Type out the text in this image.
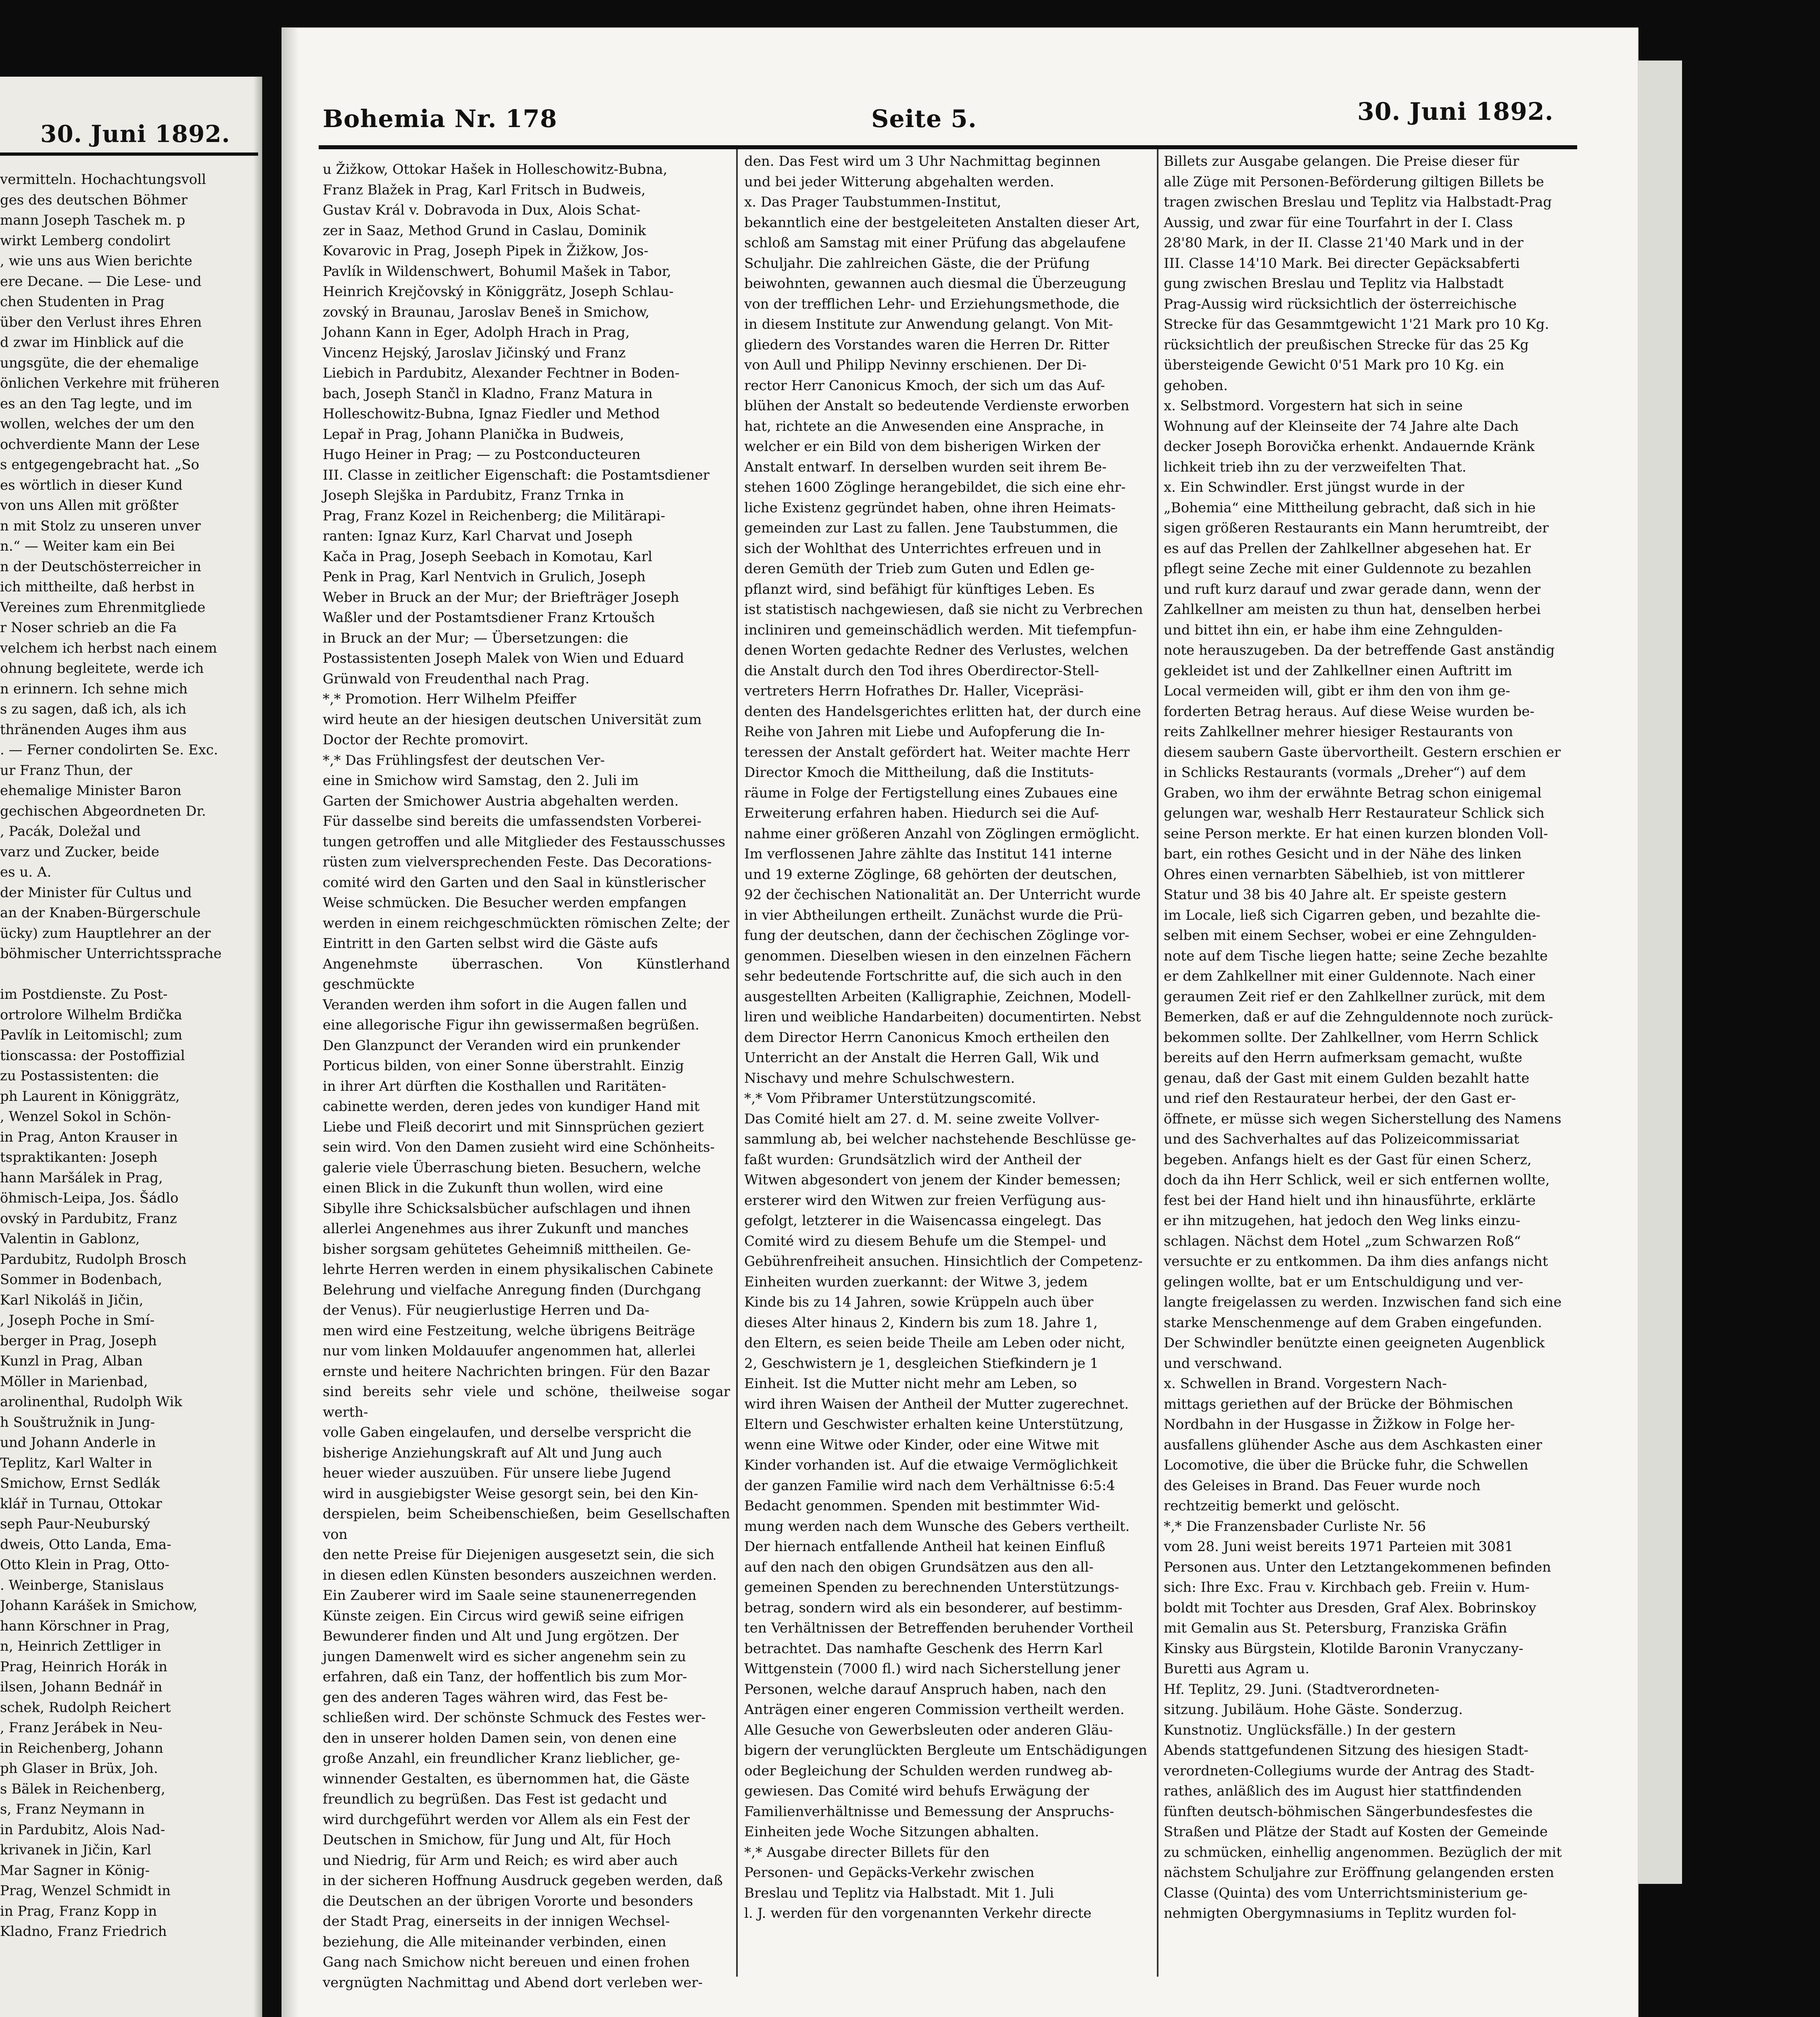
30. Juni 1892.

vermitteln. Hochachtungsvoll

ges des deutschen Böhmer

mann Joseph Taschek m. p

wirkt Lemberg condolirt

, wie uns aus Wien berichte

ere Decane. — Die Lese- und

chen Studenten in Prag

über den Verlust ihres Ehren

d zwar im Hinblick auf die

ungsgüte, die der ehemalige

önlichen Verkehre mit früheren

es an den Tag legte, und im

wollen, welches der um den

ochverdiente Mann der Lese

s entgegengebracht hat. „So

es wörtlich in dieser Kund

von uns Allen mit größter

n mit Stolz zu unseren unver

n.“ — Weiter kam ein Bei

n der Deutschösterreicher in

ich mittheilte, daß herbst in

Vereines zum Ehrenmitgliede

r Noser schrieb an die Fa

velchem ich herbst nach einem

ohnung begleitete, werde ich

n erinnern. Ich sehne mich

s zu sagen, daß ich, als ich

thränenden Auges ihm aus

. — Ferner condolirten Se. Exc.

ur Franz Thun, der

ehemalige Minister Baron

gechischen Abgeordneten Dr.

, Pacák, Doležal und

varz und Zucker, beide

es u. A.

der Minister für Cultus und

an der Knaben-Bürgerschule

ücky) zum Hauptlehrer an der

böhmischer Unterrichtssprache

im Postdienste. Zu Post-

ortrolore Wilhelm Brdička

Pavlík in Leitomischl; zum

tionscassa: der Postoffizial

zu Postassistenten: die

ph Laurent in Königgrätz,

, Wenzel Sokol in Schön-

in Prag, Anton Krauser in

tspraktikanten: Joseph

hann Maršálek in Prag,

öhmisch-Leipa, Jos. Šádlo

ovský in Pardubitz, Franz

Valentin in Gablonz,

Pardubitz, Rudolph Brosch

Sommer in Bodenbach,

Karl Nikoláš in Jičin,

, Joseph Poche in Smí-

berger in Prag, Joseph

Kunzl in Prag, Alban

Möller in Marienbad,

arolinenthal, Rudolph Wik

h Souštružnik in Jung-

und Johann Anderle in

Teplitz, Karl Walter in

Smichow, Ernst Sedlák

klář in Turnau, Ottokar

seph Paur-Neuburský

dweis, Otto Landa, Ema-

Otto Klein in Prag, Otto-

. Weinberge, Stanislaus

Johann Karášek in Smichow,

hann Körschner in Prag,

n, Heinrich Zettliger in

Prag, Heinrich Horák in

ilsen, Johann Bednář in

schek, Rudolph Reichert

, Franz Jerábek in Neu-

in Reichenberg, Johann

ph Glaser in Brüx, Joh.

s Bälek in Reichenberg,

s, Franz Neymann in

in Pardubitz, Alois Nad-

krivanek in Jičin, Karl

Mar Sagner in König-

Prag, Wenzel Schmidt in

in Prag, Franz Kopp in

Kladno, Franz Friedrich

Bohemia Nr. 178	Seite 5.	30. Juni 1892.

u Žižkow, Ottokar Hašek in Holleschowitz-Bubna,

Franz Blažek in Prag, Karl Fritsch in Budweis,

Gustav Král v. Dobravoda in Dux, Alois Schat-

zer in Saaz, Method Grund in Caslau, Dominik

Kovarovic in Prag, Joseph Pipek in Žižkow, Jos-

Pavlík in Wildenschwert, Bohumil Mašek in Tabor,

Heinrich Krejčovský in Königgrätz, Joseph Schlau-

zovský in Braunau, Jaroslav Beneš in Smichow,

Johann Kann in Eger, Adolph Hrach in Prag,

Vincenz Hejský, Jaroslav Jičinský und Franz

Liebich in Pardubitz, Alexander Fechtner in Boden-

bach, Joseph Stančl in Kladno, Franz Matura in

Holleschowitz-Bubna, Ignaz Fiedler und Method

Lepař in Prag, Johann Planička in Budweis,

Hugo Heiner in Prag; — zu Postconducteuren

III. Classe in zeitlicher Eigenschaft: die Postamtsdiener

Joseph Slejška in Pardubitz, Franz Trnka in

Prag, Franz Kozel in Reichenberg; die Militärapi-

ranten: Ignaz Kurz, Karl Charvat und Joseph

Kača in Prag, Joseph Seebach in Komotau, Karl

Penk in Prag, Karl Nentvich in Grulich, Joseph

Weber in Bruck an der Mur; der Briefträger Joseph

Waßler und der Postamtsdiener Franz Krtoušch

in Bruck an der Mur; — Übersetzungen: die

Postassistenten Joseph Malek von Wien und Eduard

Grünwald von Freudenthal nach Prag.

*‚* Promotion. Herr Wilhelm Pfeiffer

wird heute an der hiesigen deutschen Universität zum

Doctor der Rechte promovirt.

*‚* Das Frühlingsfest der deutschen Ver-

eine in Smichow wird Samstag, den 2. Juli im

Garten der Smichower Austria abgehalten werden.

Für dasselbe sind bereits die umfassendsten Vorberei-

tungen getroffen und alle Mitglieder des Festausschusses

rüsten zum vielversprechenden Feste. Das Decorations-

comité wird den Garten und den Saal in künstlerischer

Weise schmücken. Die Besucher werden empfangen

werden in einem reichgeschmückten römischen Zelte; der

Eintritt in den Garten selbst wird die Gäste aufs

Angenehmste überraschen. Von Künstlerhand geschmückte

Veranden werden ihm sofort in die Augen fallen und

eine allegorische Figur ihn gewissermaßen begrüßen.

Den Glanzpunct der Veranden wird ein prunkender

Porticus bilden, von einer Sonne überstrahlt. Einzig

in ihrer Art dürften die Kosthallen und Raritäten-

cabinette werden, deren jedes von kundiger Hand mit

Liebe und Fleiß decorirt und mit Sinnsprüchen geziert

sein wird. Von den Damen zusieht wird eine Schönheits-

galerie viele Überraschung bieten. Besuchern, welche

einen Blick in die Zukunft thun wollen, wird eine

Sibylle ihre Schicksalsbücher aufschlagen und ihnen

allerlei Angenehmes aus ihrer Zukunft und manches

bisher sorgsam gehütetes Geheimniß mittheilen. Ge-

lehrte Herren werden in einem physikalischen Cabinete

Belehrung und vielfache Anregung finden (Durchgang

der Venus). Für neugierlustige Herren und Da-

men wird eine Festzeitung, welche übrigens Beiträge

nur vom linken Moldauufer angenommen hat, allerlei

ernste und heitere Nachrichten bringen. Für den Bazar

sind bereits sehr viele und schöne, theilweise sogar werth-

volle Gaben eingelaufen, und derselbe verspricht die

bisherige Anziehungskraft auf Alt und Jung auch

heuer wieder auszuüben. Für unsere liebe Jugend

wird in ausgiebigster Weise gesorgt sein, bei den Kin-

derspielen, beim Scheibenschießen, beim Gesellschaften von

den nette Preise für Diejenigen ausgesetzt sein, die sich

in diesen edlen Künsten besonders auszeichnen werden.

Ein Zauberer wird im Saale seine staunenerregenden

Künste zeigen. Ein Circus wird gewiß seine eifrigen

Bewunderer finden und Alt und Jung ergötzen. Der

jungen Damenwelt wird es sicher angenehm sein zu

erfahren, daß ein Tanz, der hoffentlich bis zum Mor-

gen des anderen Tages währen wird, das Fest be-

schließen wird. Der schönste Schmuck des Festes wer-

den in unserer holden Damen sein, von denen eine

große Anzahl, ein freundlicher Kranz lieblicher, ge-

winnender Gestalten, es übernommen hat, die Gäste

freundlich zu begrüßen. Das Fest ist gedacht und

wird durchgeführt werden vor Allem als ein Fest der

Deutschen in Smichow, für Jung und Alt, für Hoch

und Niedrig, für Arm und Reich; es wird aber auch

in der sicheren Hoffnung Ausdruck gegeben werden, daß

die Deutschen an der übrigen Vororte und besonders

der Stadt Prag, einerseits in der innigen Wechsel-

beziehung, die Alle miteinander verbinden, einen

Gang nach Smichow nicht bereuen und einen frohen

vergnügten Nachmittag und Abend dort verleben wer-

den. Das Fest wird um 3 Uhr Nachmittag beginnen

und bei jeder Witterung abgehalten werden.

x. Das Prager Taubstummen-Institut,

bekanntlich eine der bestgeleiteten Anstalten dieser Art,

schloß am Samstag mit einer Prüfung das abgelaufene

Schuljahr. Die zahlreichen Gäste, die der Prüfung

beiwohnten, gewannen auch diesmal die Überzeugung

von der trefflichen Lehr- und Erziehungsmethode, die

in diesem Institute zur Anwendung gelangt. Von Mit-

gliedern des Vorstandes waren die Herren Dr. Ritter

von Aull und Philipp Nevinny erschienen. Der Di-

rector Herr Canonicus Kmoch, der sich um das Auf-

blühen der Anstalt so bedeutende Verdienste erworben

hat, richtete an die Anwesenden eine Ansprache, in

welcher er ein Bild von dem bisherigen Wirken der

Anstalt entwarf. In derselben wurden seit ihrem Be-

stehen 1600 Zöglinge herangebildet, die sich eine ehr-

liche Existenz gegründet haben, ohne ihren Heimats-

gemeinden zur Last zu fallen. Jene Taubstummen, die

sich der Wohlthat des Unterrichtes erfreuen und in

deren Gemüth der Trieb zum Guten und Edlen ge-

pflanzt wird, sind befähigt für künftiges Leben. Es

ist statistisch nachgewiesen, daß sie nicht zu Verbrechen

incliniren und gemeinschädlich werden. Mit tiefempfun-

denen Worten gedachte Redner des Verlustes, welchen

die Anstalt durch den Tod ihres Oberdirector-Stell-

vertreters Herrn Hofrathes Dr. Haller, Vicepräsi-

denten des Handelsgerichtes erlitten hat, der durch eine

Reihe von Jahren mit Liebe und Aufopferung die In-

teressen der Anstalt gefördert hat. Weiter machte Herr

Director Kmoch die Mittheilung, daß die Instituts-

räume in Folge der Fertigstellung eines Zubaues eine

Erweiterung erfahren haben. Hiedurch sei die Auf-

nahme einer größeren Anzahl von Zöglingen ermöglicht.

Im verflossenen Jahre zählte das Institut 141 interne

und 19 externe Zöglinge, 68 gehörten der deutschen,

92 der čechischen Nationalität an. Der Unterricht wurde

in vier Abtheilungen ertheilt. Zunächst wurde die Prü-

fung der deutschen, dann der čechischen Zöglinge vor-

genommen. Dieselben wiesen in den einzelnen Fächern

sehr bedeutende Fortschritte auf, die sich auch in den

ausgestellten Arbeiten (Kalligraphie, Zeichnen, Modell-

liren und weibliche Handarbeiten) documentirten. Nebst

dem Director Herrn Canonicus Kmoch ertheilen den

Unterricht an der Anstalt die Herren Gall, Wik und

Nischavy und mehre Schulschwestern.

*‚* Vom Přibramer Unterstützungscomité.

Das Comité hielt am 27. d. M. seine zweite Vollver-

sammlung ab, bei welcher nachstehende Beschlüsse ge-

faßt wurden: Grundsätzlich wird der Antheil der

Witwen abgesondert von jenem der Kinder bemessen;

ersterer wird den Witwen zur freien Verfügung aus-

gefolgt, letzterer in die Waisencassa eingelegt. Das

Comité wird zu diesem Behufe um die Stempel- und

Gebührenfreiheit ansuchen. Hinsichtlich der Competenz-

Einheiten wurden zuerkannt: der Witwe 3, jedem

Kinde bis zu 14 Jahren, sowie Krüppeln auch über

dieses Alter hinaus 2, Kindern bis zum 18. Jahre 1,

den Eltern, es seien beide Theile am Leben oder nicht,

2, Geschwistern je 1, desgleichen Stiefkindern je 1

Einheit. Ist die Mutter nicht mehr am Leben, so

wird ihren Waisen der Antheil der Mutter zugerechnet.

Eltern und Geschwister erhalten keine Unterstützung,

wenn eine Witwe oder Kinder, oder eine Witwe mit

Kinder vorhanden ist. Auf die etwaige Vermöglichkeit

der ganzen Familie wird nach dem Verhältnisse 6:5:4

Bedacht genommen. Spenden mit bestimmter Wid-

mung werden nach dem Wunsche des Gebers vertheilt.

Der hiernach entfallende Antheil hat keinen Einfluß

auf den nach den obigen Grundsätzen aus den all-

gemeinen Spenden zu berechnenden Unterstützungs-

betrag, sondern wird als ein besonderer, auf bestimm-

ten Verhältnissen der Betreffenden beruhender Vortheil

betrachtet. Das namhafte Geschenk des Herrn Karl

Wittgenstein (7000 fl.) wird nach Sicherstellung jener

Personen, welche darauf Anspruch haben, nach den

Anträgen einer engeren Commission vertheilt werden.

Alle Gesuche von Gewerbsleuten oder anderen Gläu-

bigern der verunglückten Bergleute um Entschädigungen

oder Begleichung der Schulden werden rundweg ab-

gewiesen. Das Comité wird behufs Erwägung der

Familienverhältnisse und Bemessung der Anspruchs-

Einheiten jede Woche Sitzungen abhalten.

*‚* Ausgabe directer Billets für den

Personen- und Gepäcks-Verkehr zwischen

Breslau und Teplitz via Halbstadt. Mit 1. Juli

l. J. werden für den vorgenannten Verkehr directe

Billets zur Ausgabe gelangen. Die Preise dieser für

alle Züge mit Personen-Beförderung giltigen Billets be

tragen zwischen Breslau und Teplitz via Halbstadt-Prag

Aussig, und zwar für eine Tourfahrt in der I. Class

28'80 Mark, in der II. Classe 21'40 Mark und in der

III. Classe 14'10 Mark. Bei directer Gepäcksabferti

gung zwischen Breslau und Teplitz via Halbstadt

Prag-Aussig wird rücksichtlich der österreichische

Strecke für das Gesammtgewicht 1'21 Mark pro 10 Kg.

rücksichtlich der preußischen Strecke für das 25 Kg

übersteigende Gewicht 0'51 Mark pro 10 Kg. ein

gehoben.

x. Selbstmord. Vorgestern hat sich in seine

Wohnung auf der Kleinseite der 74 Jahre alte Dach

decker Joseph Borovička erhenkt. Andauernde Kränk

lichkeit trieb ihn zu der verzweifelten That.

x. Ein Schwindler. Erst jüngst wurde in der

„Bohemia“ eine Mittheilung gebracht, daß sich in hie

sigen größeren Restaurants ein Mann herumtreibt, der

es auf das Prellen der Zahlkellner abgesehen hat. Er

pflegt seine Zeche mit einer Guldennote zu bezahlen

und ruft kurz darauf und zwar gerade dann, wenn der

Zahlkellner am meisten zu thun hat, denselben herbei

und bittet ihn ein, er habe ihm eine Zehngulden-

note herauszugeben. Da der betreffende Gast anständig

gekleidet ist und der Zahlkellner einen Auftritt im

Local vermeiden will, gibt er ihm den von ihm ge-

forderten Betrag heraus. Auf diese Weise wurden be-

reits Zahlkellner mehrer hiesiger Restaurants von

diesem saubern Gaste übervortheilt. Gestern erschien er

in Schlicks Restaurants (vormals „Dreher“) auf dem

Graben, wo ihm der erwähnte Betrag schon einigemal

gelungen war, weshalb Herr Restaurateur Schlick sich

seine Person merkte. Er hat einen kurzen blonden Voll-

bart, ein rothes Gesicht und in der Nähe des linken

Ohres einen vernarbten Säbelhieb, ist von mittlerer

Statur und 38 bis 40 Jahre alt. Er speiste gestern

im Locale, ließ sich Cigarren geben, und bezahlte die-

selben mit einem Sechser, wobei er eine Zehngulden-

note auf dem Tische liegen hatte; seine Zeche bezahlte

er dem Zahlkellner mit einer Guldennote. Nach einer

geraumen Zeit rief er den Zahlkellner zurück, mit dem

Bemerken, daß er auf die Zehnguldennote noch zurück-

bekommen sollte. Der Zahlkellner, vom Herrn Schlick

bereits auf den Herrn aufmerksam gemacht, wußte

genau, daß der Gast mit einem Gulden bezahlt hatte

und rief den Restaurateur herbei, der den Gast er-

öffnete, er müsse sich wegen Sicherstellung des Namens

und des Sachverhaltes auf das Polizeicommissariat

begeben. Anfangs hielt es der Gast für einen Scherz,

doch da ihn Herr Schlick, weil er sich entfernen wollte,

fest bei der Hand hielt und ihn hinausführte, erklärte

er ihn mitzugehen, hat jedoch den Weg links einzu-

schlagen. Nächst dem Hotel „zum Schwarzen Roß“

versuchte er zu entkommen. Da ihm dies anfangs nicht

gelingen wollte, bat er um Entschuldigung und ver-

langte freigelassen zu werden. Inzwischen fand sich eine

starke Menschenmenge auf dem Graben eingefunden.

Der Schwindler benützte einen geeigneten Augenblick

und verschwand.

x. Schwellen in Brand. Vorgestern Nach-

mittags geriethen auf der Brücke der Böhmischen

Nordbahn in der Husgasse in Žižkow in Folge her-

ausfallens glühender Asche aus dem Aschkasten einer

Locomotive, die über die Brücke fuhr, die Schwellen

des Geleises in Brand. Das Feuer wurde noch

rechtzeitig bemerkt und gelöscht.

*‚* Die Franzensbader Curliste Nr. 56

vom 28. Juni weist bereits 1971 Parteien mit 3081

Personen aus. Unter den Letztangekommenen befinden

sich: Ihre Exc. Frau v. Kirchbach geb. Freiin v. Hum-

boldt mit Tochter aus Dresden, Graf Alex. Bobrinskoy

mit Gemalin aus St. Petersburg, Franziska Gräfin

Kinsky aus Bürgstein, Klotilde Baronin Vranyczany-

Buretti aus Agram u.

Hf. Teplitz, 29. Juni. (Stadtverordneten-

sitzung. Jubiläum. Hohe Gäste. Sonderzug.

Kunstnotiz. Unglücksfälle.) In der gestern

Abends stattgefundenen Sitzung des hiesigen Stadt-

verordneten-Collegiums wurde der Antrag des Stadt-

rathes, anläßlich des im August hier stattfindenden

fünften deutsch-böhmischen Sängerbundesfestes die

Straßen und Plätze der Stadt auf Kosten der Gemeinde

zu schmücken, einhellig angenommen. Bezüglich der mit

nächstem Schuljahre zur Eröffnung gelangenden ersten

Classe (Quinta) des vom Unterrichtsministerium ge-

nehmigten Obergymnasiums in Teplitz wurden fol-
